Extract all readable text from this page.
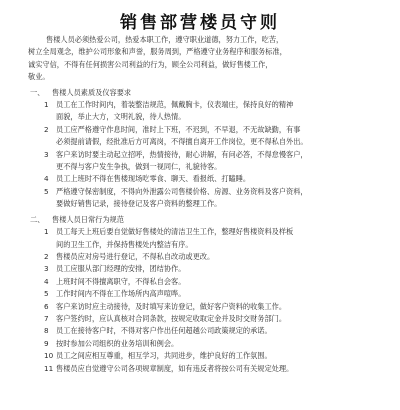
销售部营楼员守则

售楼人员必须热爱公司，热爱本职工作，遵守职业道德，努力工作，吃苦，
树立全局观念，维护公司形象和声誉，服务周到，严格遵守业务程序和服务标准，
诚实守信，不得有任何损害公司利益的行为，顾全公司利益，做好售楼工作，
敬业。

一、 售楼人员素质及仪容要求

1 员工在工作时间内，着装整洁规范，佩戴胸卡，仪表端庄，保持良好的精神

面貌，举止大方，文明礼貌，待人热情。

2 员工应严格遵守作息时间，准时上下班，不迟到，不早退，不无故缺勤，有事

必须提前请假，经批准后方可离岗，不得擅自离开工作岗位，更不得私自外出。

3 客户来访时要主动起立招呼，热情接待，耐心讲解，有问必答，不得怠慢客户，

更不得与客户发生争执，做到一视同仁，礼貌待客。

4 员工上班时不得在售楼现场吃零食、聊天、看报纸、打瞌睡。

5 严格遵守保密制度，不得向外泄露公司售楼价格、房源、业务资料及客户资料，

要做好销售记录，接待登记及客户资料的整理工作。

二、 售楼人员日常行为规范

1 员工每天上班后要自觉做好售楼处的清洁卫生工作，整理好售楼资料及样板

间的卫生工作，并保持售楼处内整洁有序。

2 售楼员应对房号进行登记，不得私自改动或更改。

3 员工应服从部门经理的安排，团结协作。

4 上班时间不得擅离职守，不得私自会客。

5 工作时间内不得在工作场所内高声喧哗。

6 客户来访时应主动接待，及时填写来访登记，做好客户资料的收集工作。

7 客户签约时，应认真核对合同条款，按规定收取定金并及时交财务部门。

8 员工在接待客户时，不得对客户作出任何超越公司政策规定的承诺。

9 按时参加公司组织的业务培训和例会。

10 员工之间应相互尊重，相互学习，共同进步，维护良好的工作氛围。

11 售楼员应自觉遵守公司各项规章制度，如有违反者将按公司有关规定处理。
